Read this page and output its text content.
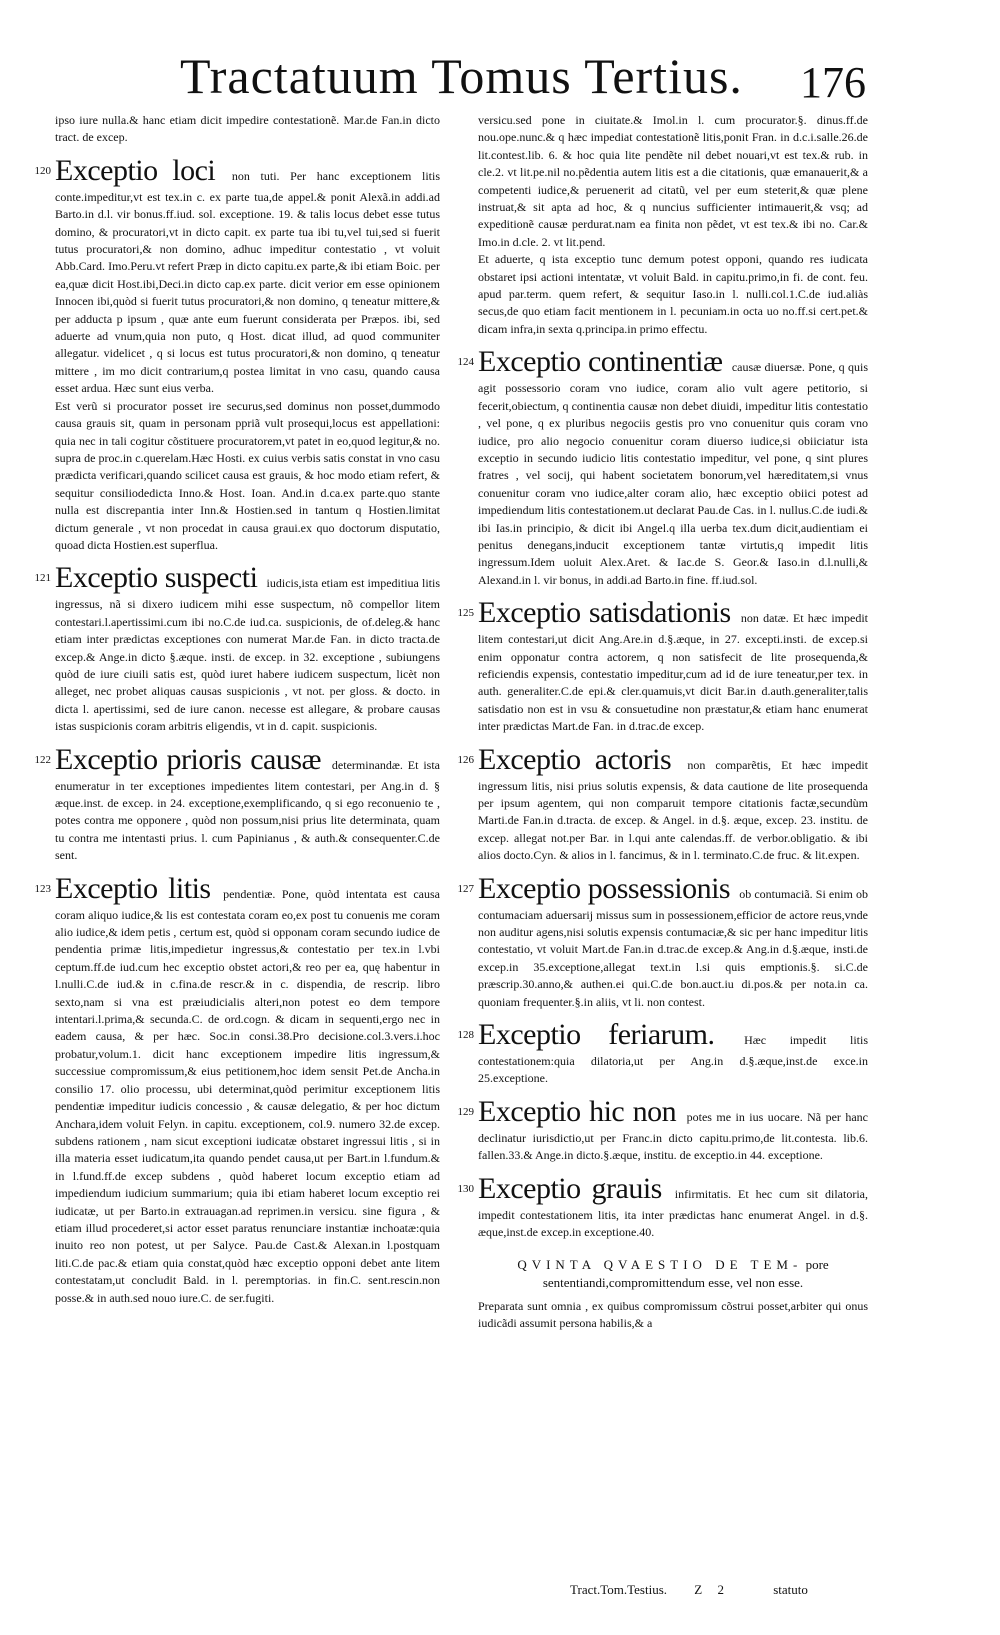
Tractatuum Tomus Tertius. 176

ipso iure nulla.& hanc etiam dicit impedire contestationẽ. Mar.de Fan.in dicto tract. de excep.

120 Exceptio loci non tuti. Per hanc exceptionem litis conte.impeditur,vt est tex.in c. ex parte tua,de appel.& ponit Alexã.in addi.ad Barto.in d.l. vir bonus.ff.iud. sol. exceptione. 19. & talis locus debet esse tutus domino, & procuratori,vt in dicto capit. ex parte tua ibi tu,vel tui,sed si fuerit tutus procuratori,& non domino, adhuc impeditur contestatio , vt voluit Abb.Card. Imo.Peru.vt refert Præp in dicto capitu.ex parte,& ibi etiam Boic. per ea,quæ dicit Host.ibi,Deci.in dicto cap.ex parte. dicit verior em esse opinionem Innocen ibi,quòd si fuerit tutus procuratori,& non domino, q teneatur mittere,& per adducta p ipsum , quæ ante eum fuerunt considerata per Præpos. ibi, sed aduerte ad vnum,quia non puto, q Host. dicat illud, ad quod communiter allegatur. videlicet , q si locus est tutus procuratori,& non domino, q teneatur mittere , im mo dicit contrarium,q postea limitat in vno casu, quando causa esset ardua. Hæc sunt eius verba.

Est verũ si procurator posset ire securus,sed dominus non posset,dummodo causa grauis sit, quam in personam ppriã vult prosequi,locus est appellationi: quia nec in tali cogitur cõstituere procuratorem,vt patet in eo,quod legitur,& no. supra de proc.in c.querelam.Hæc Hosti. ex cuius verbis satis constat in vno casu prædicta verificari,quando scilicet causa est grauis, & hoc modo etiam refert, & sequitur consiliodedicta Inno.& Host. Ioan. And.in d.ca.ex parte.quo stante nulla est discrepantia inter Inn.& Hostien.sed in tantum q Hostien.limitat dictum generale , vt non procedat in causa graui.ex quo doctorum disputatio, quoad dicta Hostien.est superflua.

121 Exceptio suspecti iudicis,ista etiam est impeditiua litis ingressus, nã si dixero iudicem mihi esse suspectum, nõ compellor litem contestari.l.apertissimi.cum ibi no.C.de iud.ca. suspicionis, de of.deleg.& hanc etiam inter prædictas exceptiones con numerat Mar.de Fan. in dicto tracta.de excep.& Ange.in dicto §.æque. insti. de excep. in 32. exceptione , subiungens quòd de iure ciuili satis est, quòd iuret habere iudicem suspectum, licèt non alleget, nec probet aliquas causas suspicionis , vt not. per gloss. & docto. in dicta l. apertissimi, sed de iure canon. necesse est allegare, & probare causas istas suspicionis coram arbitris eligendis, vt in d. capit. suspicionis.
122 Exceptio prioris causæ determinandæ. Et ista enumeratur in ter exceptiones impedientes litem contestari, per Ang.in d. § æque.inst. de excep. in 24. exceptione,exemplificando, q si ego reconuenio te , potes contra me opponere , quòd non possum,nisi prius lite determinata, quam tu contra me intentasti prius. l. cum Papinianus , & auth.& consequenter.C.de sent.
123 Exceptio litis pendentiæ. Pone, quòd intentata est causa coram aliquo iudice,& lis est contestata coram eo,ex post tu conuenis me coram alio iudice,& idem petis , certum est, quòd si opponam coram secundo iudice de pendentia primæ litis,impedietur ingressus,& contestatio per tex.in l.vbi ceptum.ff.de iud.cum hec exceptio obstet actori,& reo per ea, quę habentur in l.nulli.C.de iud.& in c.fina.de rescr.& in c. dispendia, de rescrip. libro sexto,nam si vna est præiudicialis alteri,non potest eo dem tempore intentari.l.prima,& secunda.C. de ord.cogn. & dicam in sequenti,ergo nec in eadem causa, & per hæc. Soc.in consi.38.Pro decisione.col.3.vers.i.hoc probatur,volum.1. dicit hanc exceptionem impedire litis ingressum,& successiue compromissum,& eius petitionem,hoc idem sensit Pet.de Ancha.in consilio 17. olio processu, ubi determinat,quòd perimitur exceptionem litis pendentiæ impeditur iudicis concessio , & causæ delegatio, & per hoc dictum Anchara,idem voluit Felyn. in capitu. exceptionem, col.9. numero 32.de excep. subdens rationem , nam sicut exceptioni iudicatæ obstaret ingressui litis , si in illa materia esset iudicatum,ita quando pendet causa,ut per Bart.in l.fundum.& in l.fund.ff.de excep subdens , quòd haberet locum exceptio etiam ad impediendum iudicium summarium; quia ibi etiam haberet locum exceptio rei iudicatæ, ut per Barto.in extrauagan.ad reprimen.in versicu. sine figura , & etiam illud procederet,si actor esset paratus renunciare instantiæ inchoatæ:quia inuito reo non potest, ut per Salyce. Pau.de Cast.& Alexan.in l.postquam liti.C.de pac.& etiam quia constat,quòd hæc exceptio opponi debet ante litem contestatam,ut concludit Bald. in l. peremptorias. in fin.C. sent.rescin.non posse.& in auth.sed nouo iure.C. de ser.fugiti.

versicu.sed pone in ciuitate.& Imol.in l. cum procurator.§. dinus.ff.de nou.ope.nunc.& q hæc impediat contestationẽ litis,ponit Fran. in d.c.i.salle.26.de lit.contest.lib. 6. & hoc quia lite pendẽte nil debet nouari,vt est tex.& rub. in cle.2. vt lit.pe.nil no.pẽdentia autem litis est a die citationis, quæ emanauerit,& a competenti iudice,& peruenerit ad citatũ, vel per eum steterit,& quæ plene instruat,& sit apta ad hoc, & q nuncius sufficienter intimauerit,& vsq; ad expeditionẽ causæ perdurat.nam ea finita non pẽdet, vt est tex.& ibi no. Car.& Imo.in d.cle. 2. vt lit.pend.

Et aduerte, q ista exceptio tunc demum potest opponi, quando res iudicata obstaret ipsi actioni intentatæ, vt voluit Bald. in capitu.primo,in fi. de cont. feu. apud par.term. quem refert, & sequitur Iaso.in l. nulli.col.1.C.de iud.aliàs secus,de quo etiam facit mentionem in l. pecuniam.in octa uo no.ff.si cert.pet.& dicam infra,in sexta q.principa.in primo effectu.

124 Exceptio continentiæ causæ diuersæ. Pone, q quis agit possessorio coram vno iudice, coram alio vult agere petitorio, si fecerit,obiectum, q continentia causæ non debet diuidi, impeditur litis contestatio , vel pone, q ex pluribus negociis gestis pro vno conuenitur quis coram vno iudice, pro alio negocio conuenitur coram diuerso iudice,si obiiciatur ista exceptio in secundo iudicio litis contestatio impeditur, vel pone, q sint plures fratres , vel socij, qui habent societatem bonorum,vel hæreditatem,si vnus conuenitur coram vno iudice,alter coram alio, hæc exceptio obiici potest ad impediendum litis contestationem.ut declarat Pau.de Cas. in l. nullus.C.de iudi.& ibi Ias.in principio, & dicit ibi Angel.q illa uerba tex.dum dicit,audientiam ei penitus denegans,inducit exceptionem tantæ virtutis,q impedit litis ingressum.Idem uoluit Alex.Aret. & Iac.de S. Geor.& Iaso.in d.l.nulli,& Alexand.in l. vir bonus, in addi.ad Barto.in fine. ff.iud.sol.
125 Exceptio satisdationis non datæ. Et hæc impedit litem contestari,ut dicit Ang.Are.in d.§.æque, in 27. excepti.insti. de excep.si enim opponatur contra actorem, q non satisfecit de lite prosequenda,& reficiendis expensis, contestatio impeditur,cum ad id de iure teneatur,per tex. in auth. generaliter.C.de epi.& cler.quamuis,vt dicit Bar.in d.auth.generaliter,talis satisdatio non est in vsu & consuetudine non præstatur,& etiam hanc enumerat inter prædictas Mart.de Fan. in d.trac.de excep.
126 Exceptio actoris non comparẽtis, Et hæc impedit ingressum litis, nisi prius solutis expensis, & data cautione de lite prosequenda per ipsum agentem, qui non comparuit tempore citationis factæ,secundùm Marti.de Fan.in d.tracta. de excep. & Angel. in d.§. æque, excep. 23. institu. de excep. allegat not.per Bar. in l.qui ante calendas.ff. de verbor.obligatio. & ibi alios docto.Cyn. & alios in l. fancimus, & in l. terminato.C.de fruc. & lit.expen.
127 Exceptio possessionis ob contumaciã. Si enim ob contumaciam aduersarij missus sum in possessionem,efficior de actore reus,vnde non auditur agens,nisi solutis expensis contumaciæ,& sic per hanc impeditur litis contestatio, vt voluit Mart.de Fan.in d.trac.de excep.& Ang.in d.§.æque, insti.de excep.in 35.exceptione,allegat text.in l.si quis emptionis.§. si.C.de præscrip.30.anno,& authen.ei qui.C.de bon.auct.iu di.pos.& per nota.in ca. quoniam frequenter.§.in aliis, vt li. non contest.
128 Exceptio feriarum. Hæc impedit litis contestationem:quia dilatoria,ut per Ang.in d.§.æque,inst.de exce.in 25.exceptione.
129 Exceptio hic non potes me in ius uocare. Nã per hanc declinatur iurisdictio,ut per Franc.in dicto capitu.primo,de lit.contesta. lib.6. fallen.33.& Ange.in dicto.§.æque, institu. de exceptio.in 44. exceptione.
130 Exceptio grauis infirmitatis. Et hec cum sit dilatoria, impedit contestationem litis, ita inter prædictas hanc enumerat Angel. in d.§. æque,inst.de excep.in exceptione.40.
QVINTA QVAESTIO DE TEM- pore sententiandi,compromittendum esse, vel non esse.

Preparata sunt omnia , ex quibus compromissum cõstrui posset,arbiter qui onus iudicãdi assumit persona habilis,& a

Tract.Tom.Testius. Z 2	statuto
